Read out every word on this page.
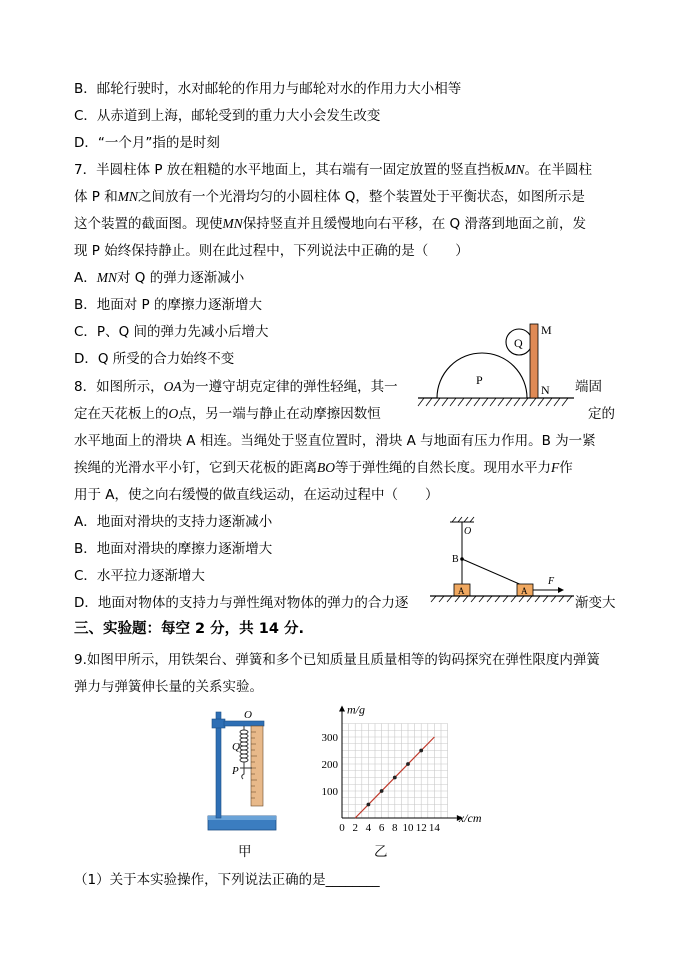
B．邮轮行驶时，水对邮轮的作用力与邮轮对水的作用力大小相等
C．从赤道到上海，邮轮受到的重力大小会发生改变
D．“一个月”指的是时刻
7．半圆柱体 P 放在粗糙的水平地面上，其右端有一固定放置的竖直挡板MN。在半圆柱
体 P 和MN之间放有一个光滑均匀的小圆柱体 Q，整个装置处于平衡状态，如图所示是
这个装置的截面图。现使MN保持竖直并且缓慢地向右平移，在 Q 滑落到地面之前，发
现 P 始终保持静止。则在此过程中，下列说法中正确的是（　　）
A．MN对 Q 的弹力逐渐减小
B．地面对 P 的摩擦力逐渐增大
C．P、Q 间的弹力先减小后增大
D．Q 所受的合力始终不变
P
Q
M
N
8．如图所示，OA为一遵守胡克定律的弹性轻绳，其一	端固
定在天花板上的O点，另一端与静止在动摩擦因数恒	定的
水平地面上的滑块 A 相连。当绳处于竖直位置时，滑块 A 与地面有压力作用。B 为一紧
挨绳的光滑水平小钉，它到天花板的距离BO等于弹性绳的自然长度。现用水平力F作
用于 A，使之向右缓慢的做直线运动，在运动过程中（　　）
A．地面对滑块的支持力逐渐减小
B．地面对滑块的摩擦力逐渐增大
C．水平拉力逐渐增大
D．地面对物体的支持力与弹性绳对物体的弹力的合力逐	渐变大
O
B
A	A
F
三、实验题：每空 2 分，共 14 分.
9.如图甲所示，用铁架台、弹簧和多个已知质量且质量相等的钩码探究在弹性限度内弹簧
弹力与弹簧伸长量的关系实验。
O
Q
P
甲
0 2 4 6 8 10 12 14
100
200
300
x/cm
m/g
乙
（1）关于本实验操作，下列说法正确的是________
